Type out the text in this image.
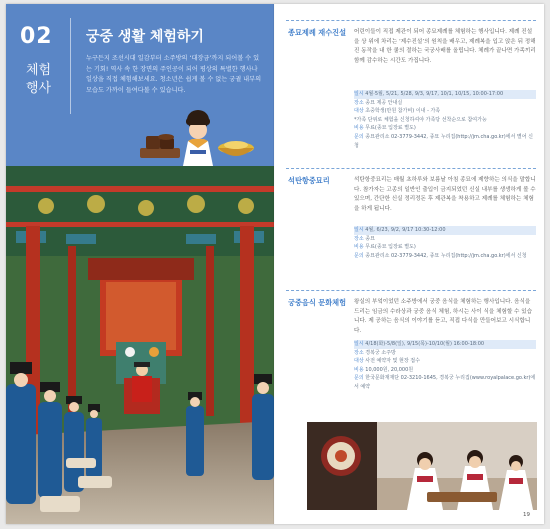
02
체험 행사
궁중 생활 체험하기
누구든지 조선시대 일감부터 소주방의 ‘대장금’까지 되어볼 수 있는 기회! 역사 속 한 장면의 주인공이 되어 평상의 특별한 행사나 일상을 직접 체험해보세요. 청소년은 쉽게 볼 수 없는 궁궐 내부의 모습도 가까이 들여다볼 수 있습니다.
종묘제례 재수진설	어린이들이 직접 제관이 되어 종묘제례를 체험하는 행사입니다. 제례 진설을 상 위에 차리는 ‘제수진설’의 원칙을 배우고, 제례복을 입고 앉은 뒤 정해진 동작을 내 한 쿨의 절하는 국궁사배를 올립니다. 체례가 끝나면 가족끼리 함께 감수하는 시간도 가집니다.
일시 4월·5월, 5/21, 5/28, 9/3, 9/17, 10/1, 10/15, 10:00-17:00
장소 종묘 제공 안내실
대상 초중학생(만원 참가비) 이내 - 가족
*가족 단위로 체험을 신청하셔야 가족당 선착순으로 참여가능
비용 무료(종묘 입장료 별도)
문의 종묘관리소 02-3779-3442, 종묘 누리집(http://jm.cha.go.kr)에서 별어 신청
석탄항중묘리	석탄항중묘리는 매월 초하루와 보름날 아침 종묘에 제향하는 의식을 말합니다. 참가자는 고종의 일반인 출입이 금지되었던 신실 내부를 생생하게 볼 수 있으며, 간단한 신실 정리정돈 후 제관복을 착용하고 제례를 체험하는 체험을 하게 됩니다.
일시 4월, 6/23, 9/2, 9/17 10:30-12:00
장소 종묘
비용 무료(종묘 입장료 별도)
문의 종묘관리소 02-3779-3442, 종묘 누리집(http://jm.cha.go.kr)에서 신청
궁중음식 문화체험	왕실의 부엌이었던 소주방에서 궁중 음식을 체험하는 행사입니다. 음식을 드리는 임금의 수라상과 궁중 음식 체험, 하시는 사이 식을 체험할 수 있습니다. 제 공하는 음식의 이야기를 듣고, 직접 다식을 만들어보고 시식합니다.
일시 4/18(화)-5/8(일), 9/15(목)-10/10(월) 16:00-18:00
장소 경복궁 소주방
대상 사전 예약자 및 현장 접수
비용 10,000원, 20,000원
문의 한국문화재재단 02-3210-1645, 경복궁 누리집(www.royalpalace.go.kr)에서 예약
19
